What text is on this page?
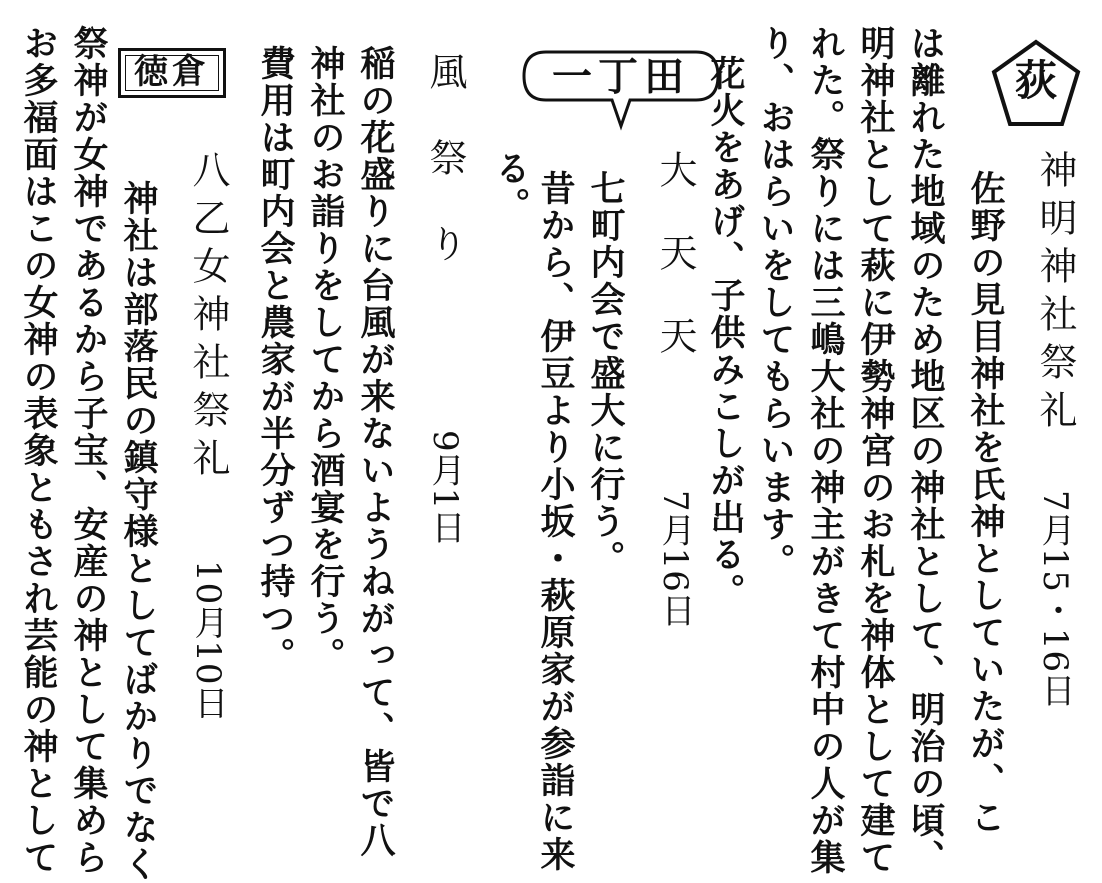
荻
神明神社祭礼
7月15・16日
佐野の見目神社を氏神としていたが、こ
は離れた地域のため地区の神社として、明治の頃、
明神社として萩に伊勢神宮のお札を神体として建て
れた。祭りには三嶋大社の神主がきて村中の人が集
り、おはらいをしてもらいます。
花火をあげ、子供みこしが出る。
一丁田
大天天
7月16日
七町内会で盛大に行う。
昔から、伊豆より小坂・萩原家が参詣に来
る。
風祭り
9月1日
稲の花盛りに台風が来ないようねがって、皆で八
神社のお詣りをしてから酒宴を行う。
費用は町内会と農家が半分ずつ持つ。
徳倉
八乙女神社祭礼
10月10日
神社は部落民の鎮守様としてばかりでなく
祭神が女神であるから子宝、安産の神として集めら
お多福面はこの女神の表象ともされ芸能の神として
